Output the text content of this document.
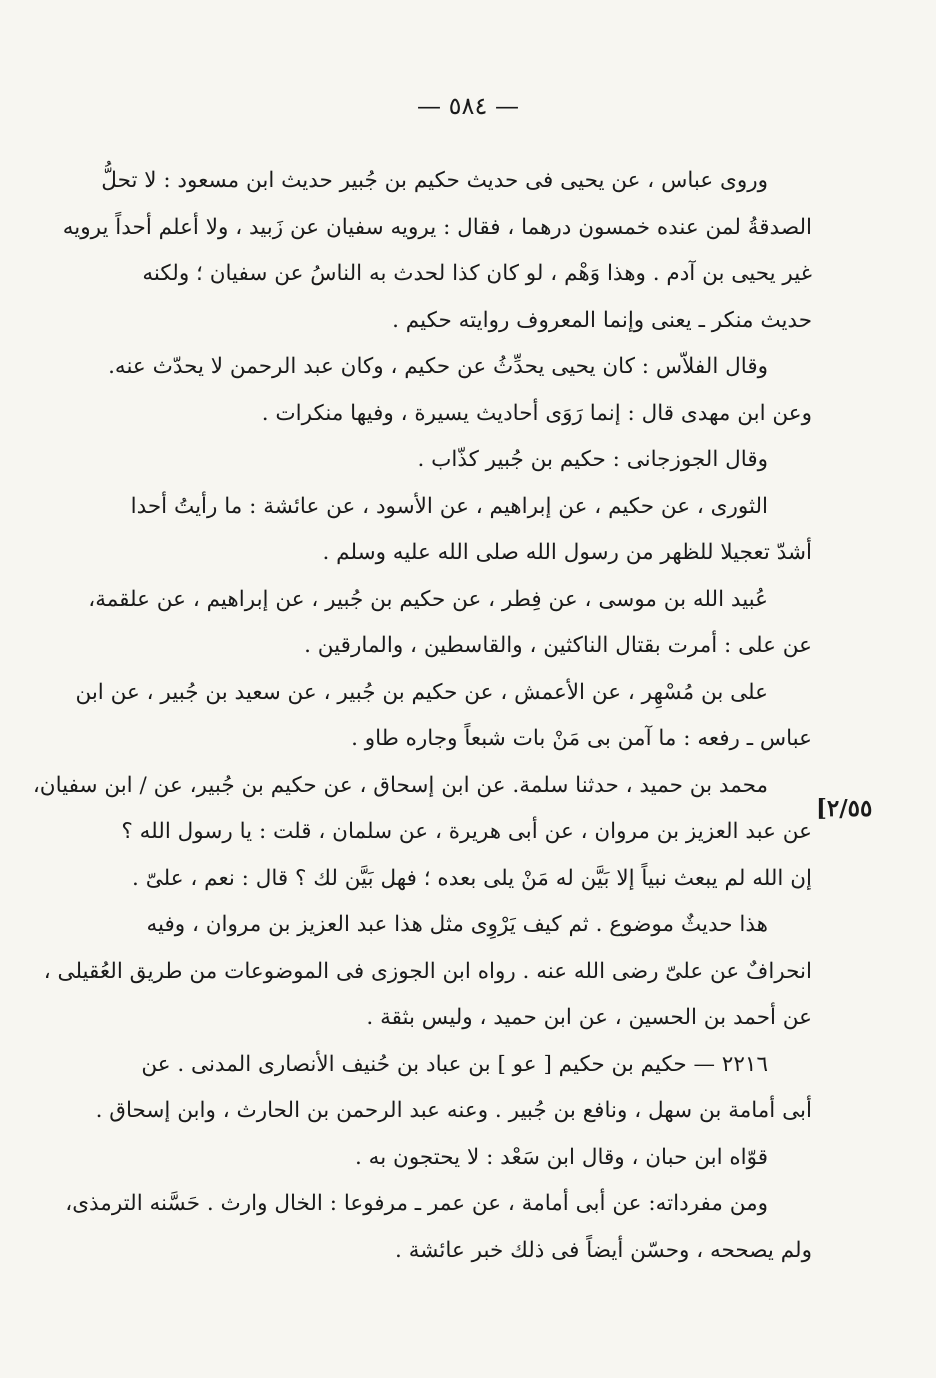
— ٥٨٤ —
[٢/٥٥
وروى عباس ، عن يحيى فى حديث حكيم بن جُبير حديث ابن مسعود : لا تحلُّ
الصدقةُ لمن عنده خمسون درهما ، فقال : يرويه سفيان عن زَبيد ، ولا أعلم أحداً يرويه
غير يحيى بن آدم . وهذا وَهْم ، لو كان كذا لحدث به الناسُ عن سفيان ؛ ولكنه
حديث منكر ـ يعنى وإنما المعروف روايته حكيم .
وقال الفلاّس : كان يحيى يحدِّثُ عن حكيم ، وكان عبد الرحمن لا يحدّث عنه.
وعن ابن مهدى قال : إنما رَوَى أحاديث يسيرة ، وفيها منكرات .
وقال الجوزجانى : حكيم بن جُبير كذّاب .
الثورى ، عن حكيم ، عن إبراهيم ، عن الأسود ، عن عائشة : ما رأيتُ أحدا
أشدّ تعجيلا للظهر من رسول الله صلى الله عليه وسلم .
عُبيد الله بن موسى ، عن فِطر ، عن حكيم بن جُبير ، عن إبراهيم ، عن علقمة،
عن على : أمرت بقتال الناكثين ، والقاسطين ، والمارقين .
على بن مُسْهِر ، عن الأعمش ، عن حكيم بن جُبير ، عن سعيد بن جُبير ، عن ابن
عباس ـ رفعه : ما آمن بى مَنْ بات شبعاً وجاره طاو .
محمد بن حميد ، حدثنا سلمة. عن ابن إسحاق ، عن حكيم بن جُبير، عن / ابن سفيان،
عن عبد العزيز بن مروان ، عن أبى هريرة ، عن سلمان ، قلت : يا رسول الله ؟
إن الله لم يبعث نبياً إلا بَيَّن له مَنْ يلى بعده ؛ فهل بَيَّن لك ؟ قال : نعم ، علىّ .
هذا حديثٌ موضوع . ثم كيف يَرْوِى مثل هذا عبد العزيز بن مروان ، وفيه
انحرافٌ عن علىّ رضى الله عنه . رواه ابن الجوزى فى الموضوعات من طريق العُقيلى ،
عن أحمد بن الحسين ، عن ابن حميد ، وليس بثقة .
٢٢١٦ — حكيم بن حكيم [ عو ] بن عباد بن حُنيف الأنصارى المدنى . عن
أبى أمامة بن سهل ، ونافع بن جُبير . وعنه عبد الرحمن بن الحارث ، وابن إسحاق .
قوّاه ابن حبان ، وقال ابن سَعْد : لا يحتجون به .
ومن مفرداته: عن أبى أمامة ، عن عمر ـ مرفوعا : الخال وارث . حَسَّنه الترمذى،
ولم يصححه ، وحسّن أيضاً فى ذلك خبر عائشة .
